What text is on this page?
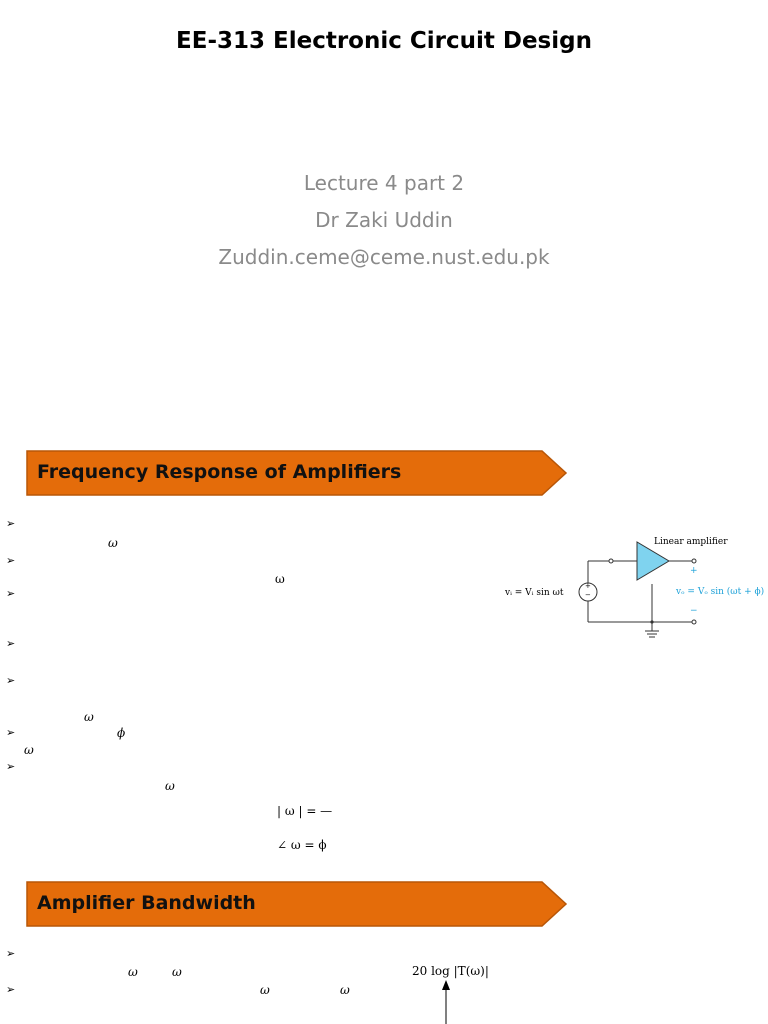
EE-313 Electronic Circuit Design
Lecture 4 part 2
Dr Zaki Uddin
Zuddin.ceme@ceme.nust.edu.pk
Frequency Response of Amplifiers
➢
ω
➢
ω
➢
➢
➢
ω
➢	ϕ
ω
➢
ω
| ω | = —
∠ ω = ϕ
Linear amplifier
+
−
vᵢ = Vᵢ sin ωt
+
vₒ = Vₒ sin (ωt + ϕ)
−
Amplifier Bandwidth
➢
ω	ω
➢	ω	ω
20 log |T(ω)|
